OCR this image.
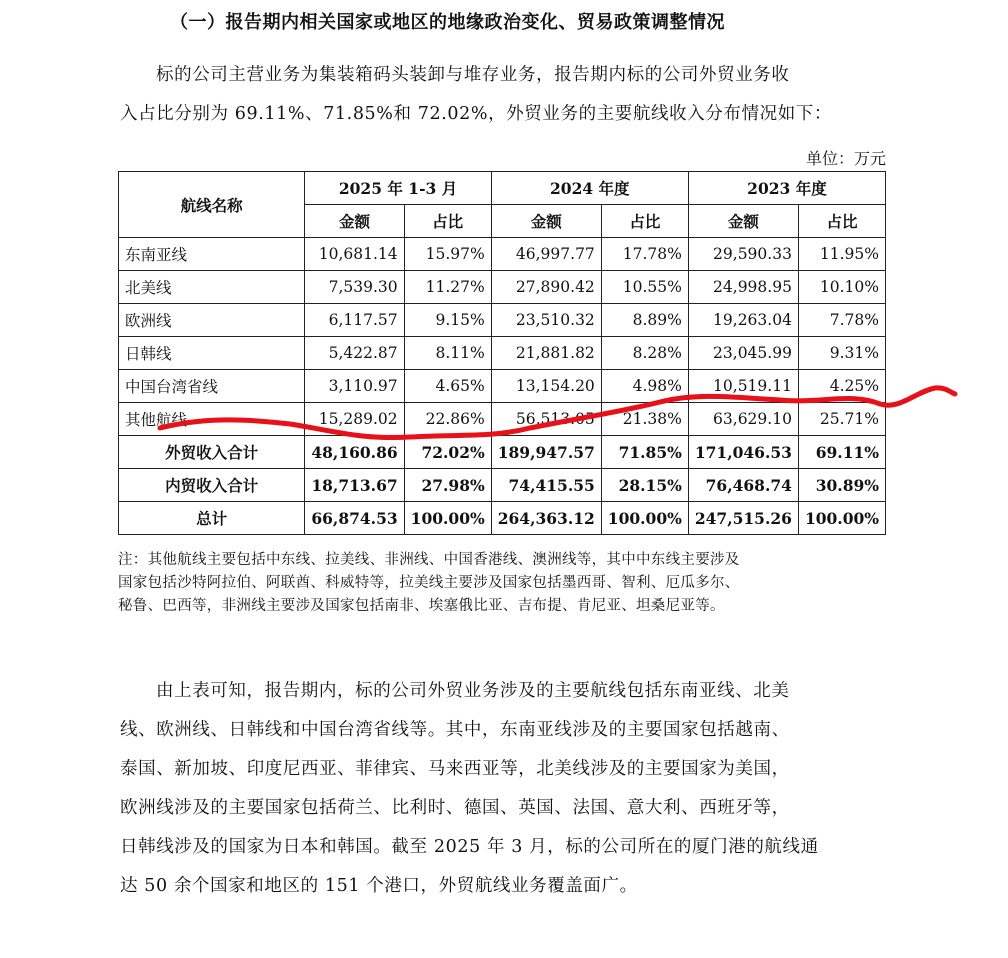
（一）报告期内相关国家或地区的地缘政治变化、贸易政策调整情况
标的公司主营业务为集装箱码头装卸与堆存业务，报告期内标的公司外贸业务收
入占比分别为 69.11%、71.85%和 72.02%，外贸业务的主要航线收入分布情况如下：
单位：万元
航线名称	2025 年 1-3 月		2024 年度		2023 年度	
	金额	占比	金额	占比	金额	占比
东南亚线	10,681.14	15.97%	46,997.77	17.78%	29,590.33	11.95%
北美线	7,539.30	11.27%	27,890.42	10.55%	24,998.95	10.10%
欧洲线	6,117.57	9.15%	23,510.32	8.89%	19,263.04	7.78%
日韩线	5,422.87	8.11%	21,881.82	8.28%	23,045.99	9.31%
中国台湾省线	3,110.97	4.65%	13,154.20	4.98%	10,519.11	4.25%
其他航线	15,289.02	22.86%	56,513.05	21.38%	63,629.10	25.71%
外贸收入合计	48,160.86	72.02%	189,947.57	71.85%	171,046.53	69.11%
内贸收入合计	18,713.67	27.98%	74,415.55	28.15%	76,468.74	30.89%
总计	66,874.53	100.00%	264,363.12	100.00%	247,515.26	100.00%
注：其他航线主要包括中东线、拉美线、非洲线、中国香港线、澳洲线等，其中中东线主要涉及
国家包括沙特阿拉伯、阿联酋、科威特等，拉美线主要涉及国家包括墨西哥、智利、厄瓜多尔、
秘鲁、巴西等，非洲线主要涉及国家包括南非、埃塞俄比亚、吉布提、肯尼亚、坦桑尼亚等。
由上表可知，报告期内，标的公司外贸业务涉及的主要航线包括东南亚线、北美
线、欧洲线、日韩线和中国台湾省线等。其中，东南亚线涉及的主要国家包括越南、
泰国、新加坡、印度尼西亚、菲律宾、马来西亚等，北美线涉及的主要国家为美国，
欧洲线涉及的主要国家包括荷兰、比利时、德国、英国、法国、意大利、西班牙等，
日韩线涉及的国家为日本和韩国。截至 2025 年 3 月，标的公司所在的厦门港的航线通
达 50 余个国家和地区的 151 个港口，外贸航线业务覆盖面广。
